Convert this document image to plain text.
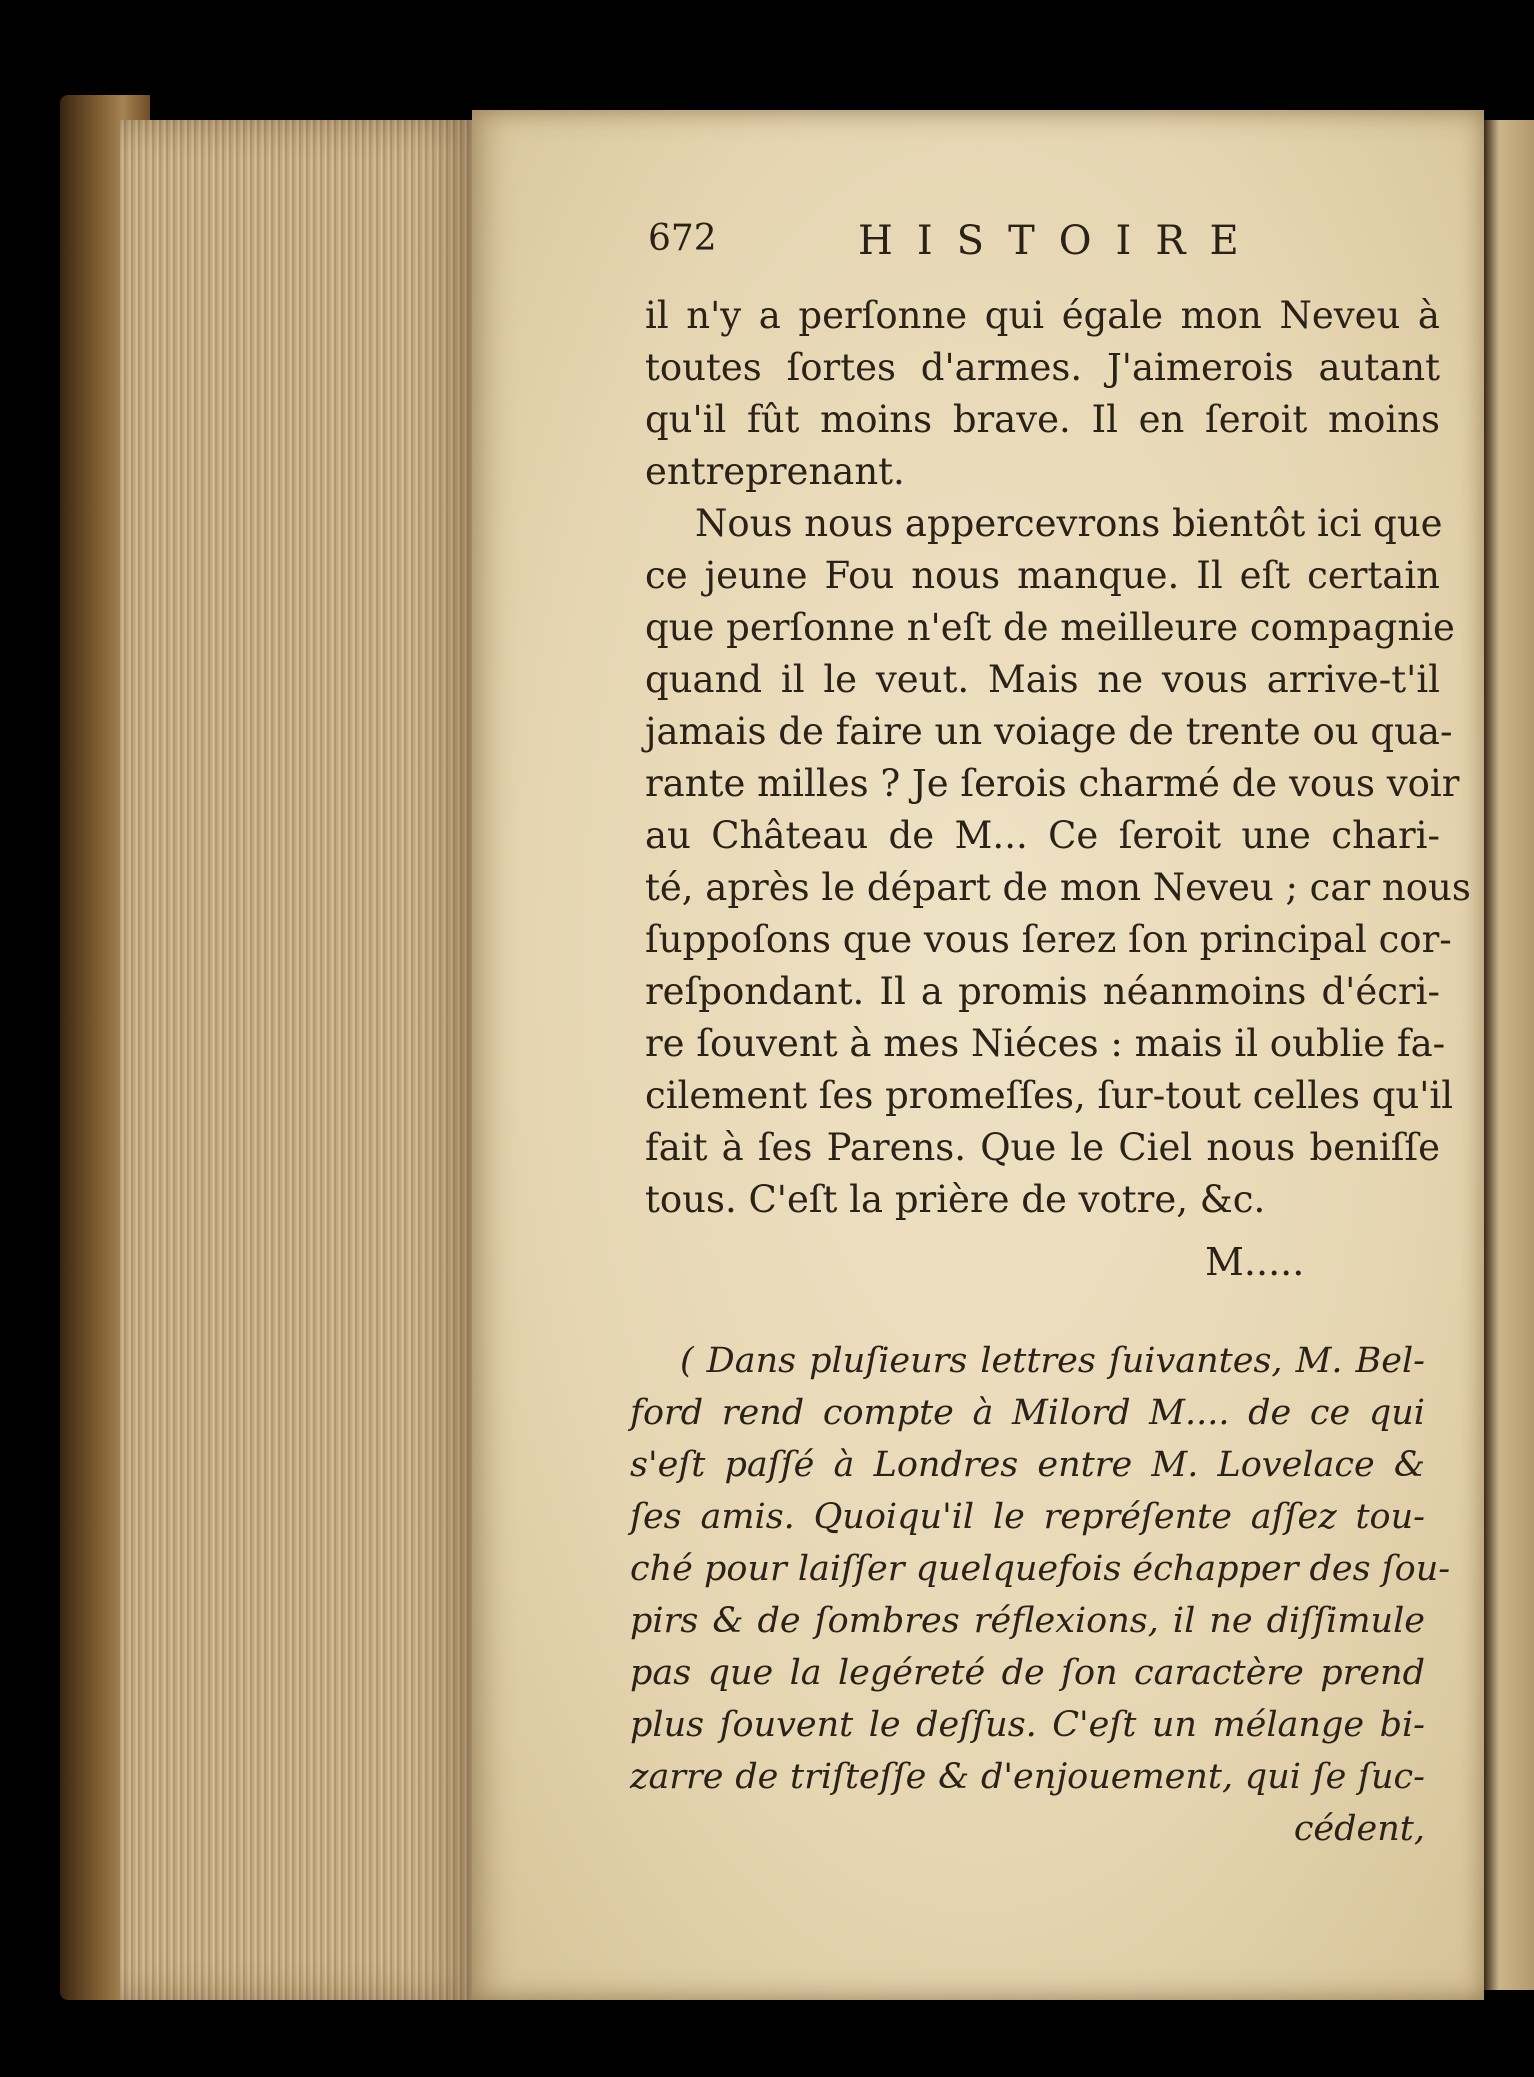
672	HISTOIRE
il n'y a perſonne qui égale mon Neveu à
toutes ſortes d'armes. J'aimerois autant
qu'il fût moins brave. Il en ſeroit moins
entreprenant.
Nous nous appercevrons bientôt ici que
ce jeune Fou nous manque. Il eſt certain
que perſonne n'eſt de meilleure compagnie
quand il le veut. Mais ne vous arrive-t'il
jamais de faire un voiage de trente ou qua-
rante milles ? Je ſerois charmé de vous voir
au Château de M... Ce ſeroit une chari-
té, après le départ de mon Neveu ; car nous
ſuppoſons que vous ſerez ſon principal cor-
reſpondant. Il a promis néanmoins d'écri-
re ſouvent à mes Niéces : mais il oublie fa-
cilement ſes promeſſes, ſur-tout celles qu'il
fait à ſes Parens. Que le Ciel nous beniſſe
tous. C'eſt la prière de votre, &c.
M.....
( Dans pluſieurs lettres ſuivantes, M. Bel-
ford rend compte à Milord M.... de ce qui
s'eſt paſſé à Londres entre M. Lovelace &
ſes amis. Quoiqu'il le repréſente aſſez tou-
ché pour laiſſer quelquefois échapper des ſou-
pirs & de ſombres réflexions, il ne diſſimule
pas que la legéreté de ſon caractère prend
plus ſouvent le deſſus. C'eſt un mélange bi-
zarre de triſteſſe & d'enjouement, qui ſe ſuc-
cédent,
